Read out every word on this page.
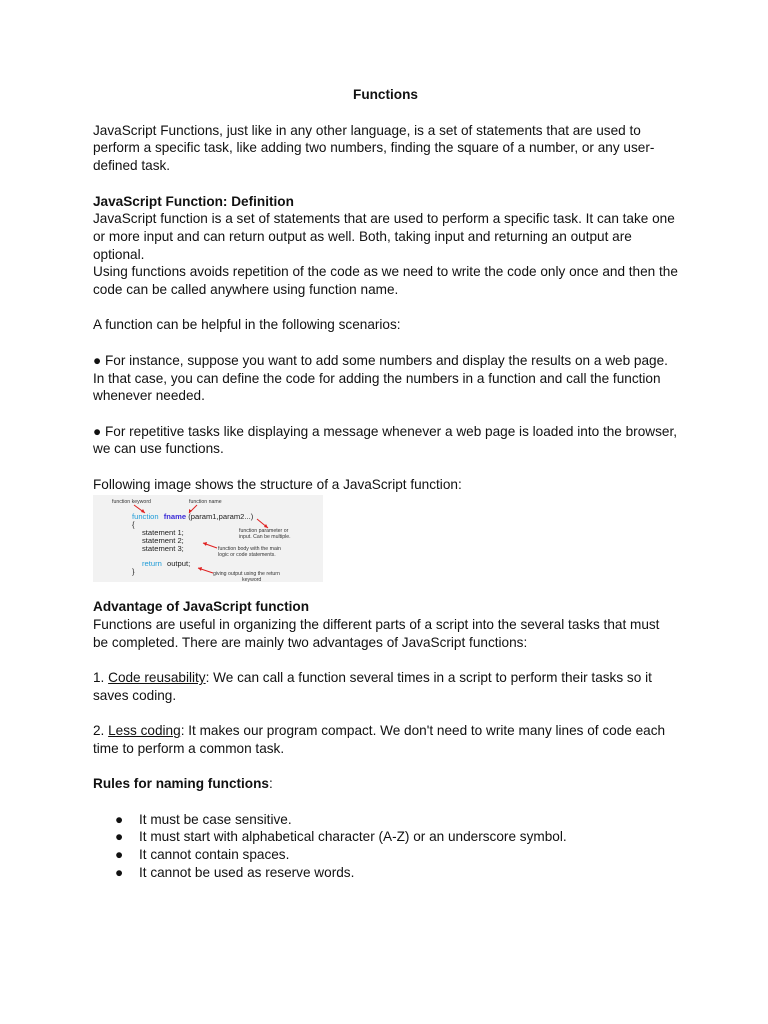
Functions

JavaScript Functions, just like in any other language, is a set of statements that are used to perform a specific task, like adding two numbers, finding the square of a number, or any user-defined task.

JavaScript Function: Definition

JavaScript function is a set of statements that are used to perform a specific task. It can take one or more input and can return output as well. Both, taking input and returning an output are optional.

Using functions avoids repetition of the code as we need to write the code only once and then the code can be called anywhere using function name.

A function can be helpful in the following scenarios:

● For instance, suppose you want to add some numbers and display the results on a web page. In that case, you can define the code for adding the numbers in a function and call the function whenever needed.

● For repetitive tasks like displaying a message whenever a web page is loaded into the browser, we can use functions.

Following image shows the structure of a JavaScript function:

function keyword	function name
function fname (param1,param2...)
function parameter or
input. Can be multiple.
{
statement 1;
statement 2;
statement 3;	function body with the main
logic or code statements.
return output;
giving output using the return
keyword
}

Advantage of JavaScript function

Functions are useful in organizing the different parts of a script into the several tasks that must be completed. There are mainly two advantages of JavaScript functions:

1. Code reusability: We can call a function several times in a script to perform their tasks so it saves coding.

2. Less coding: It makes our program compact. We don't need to write many lines of code each time to perform a common task.

Rules for naming functions:

● It must be case sensitive.
● It must start with alphabetical character (A-Z) or an underscore symbol.
● It cannot contain spaces.
● It cannot be used as reserve words.
